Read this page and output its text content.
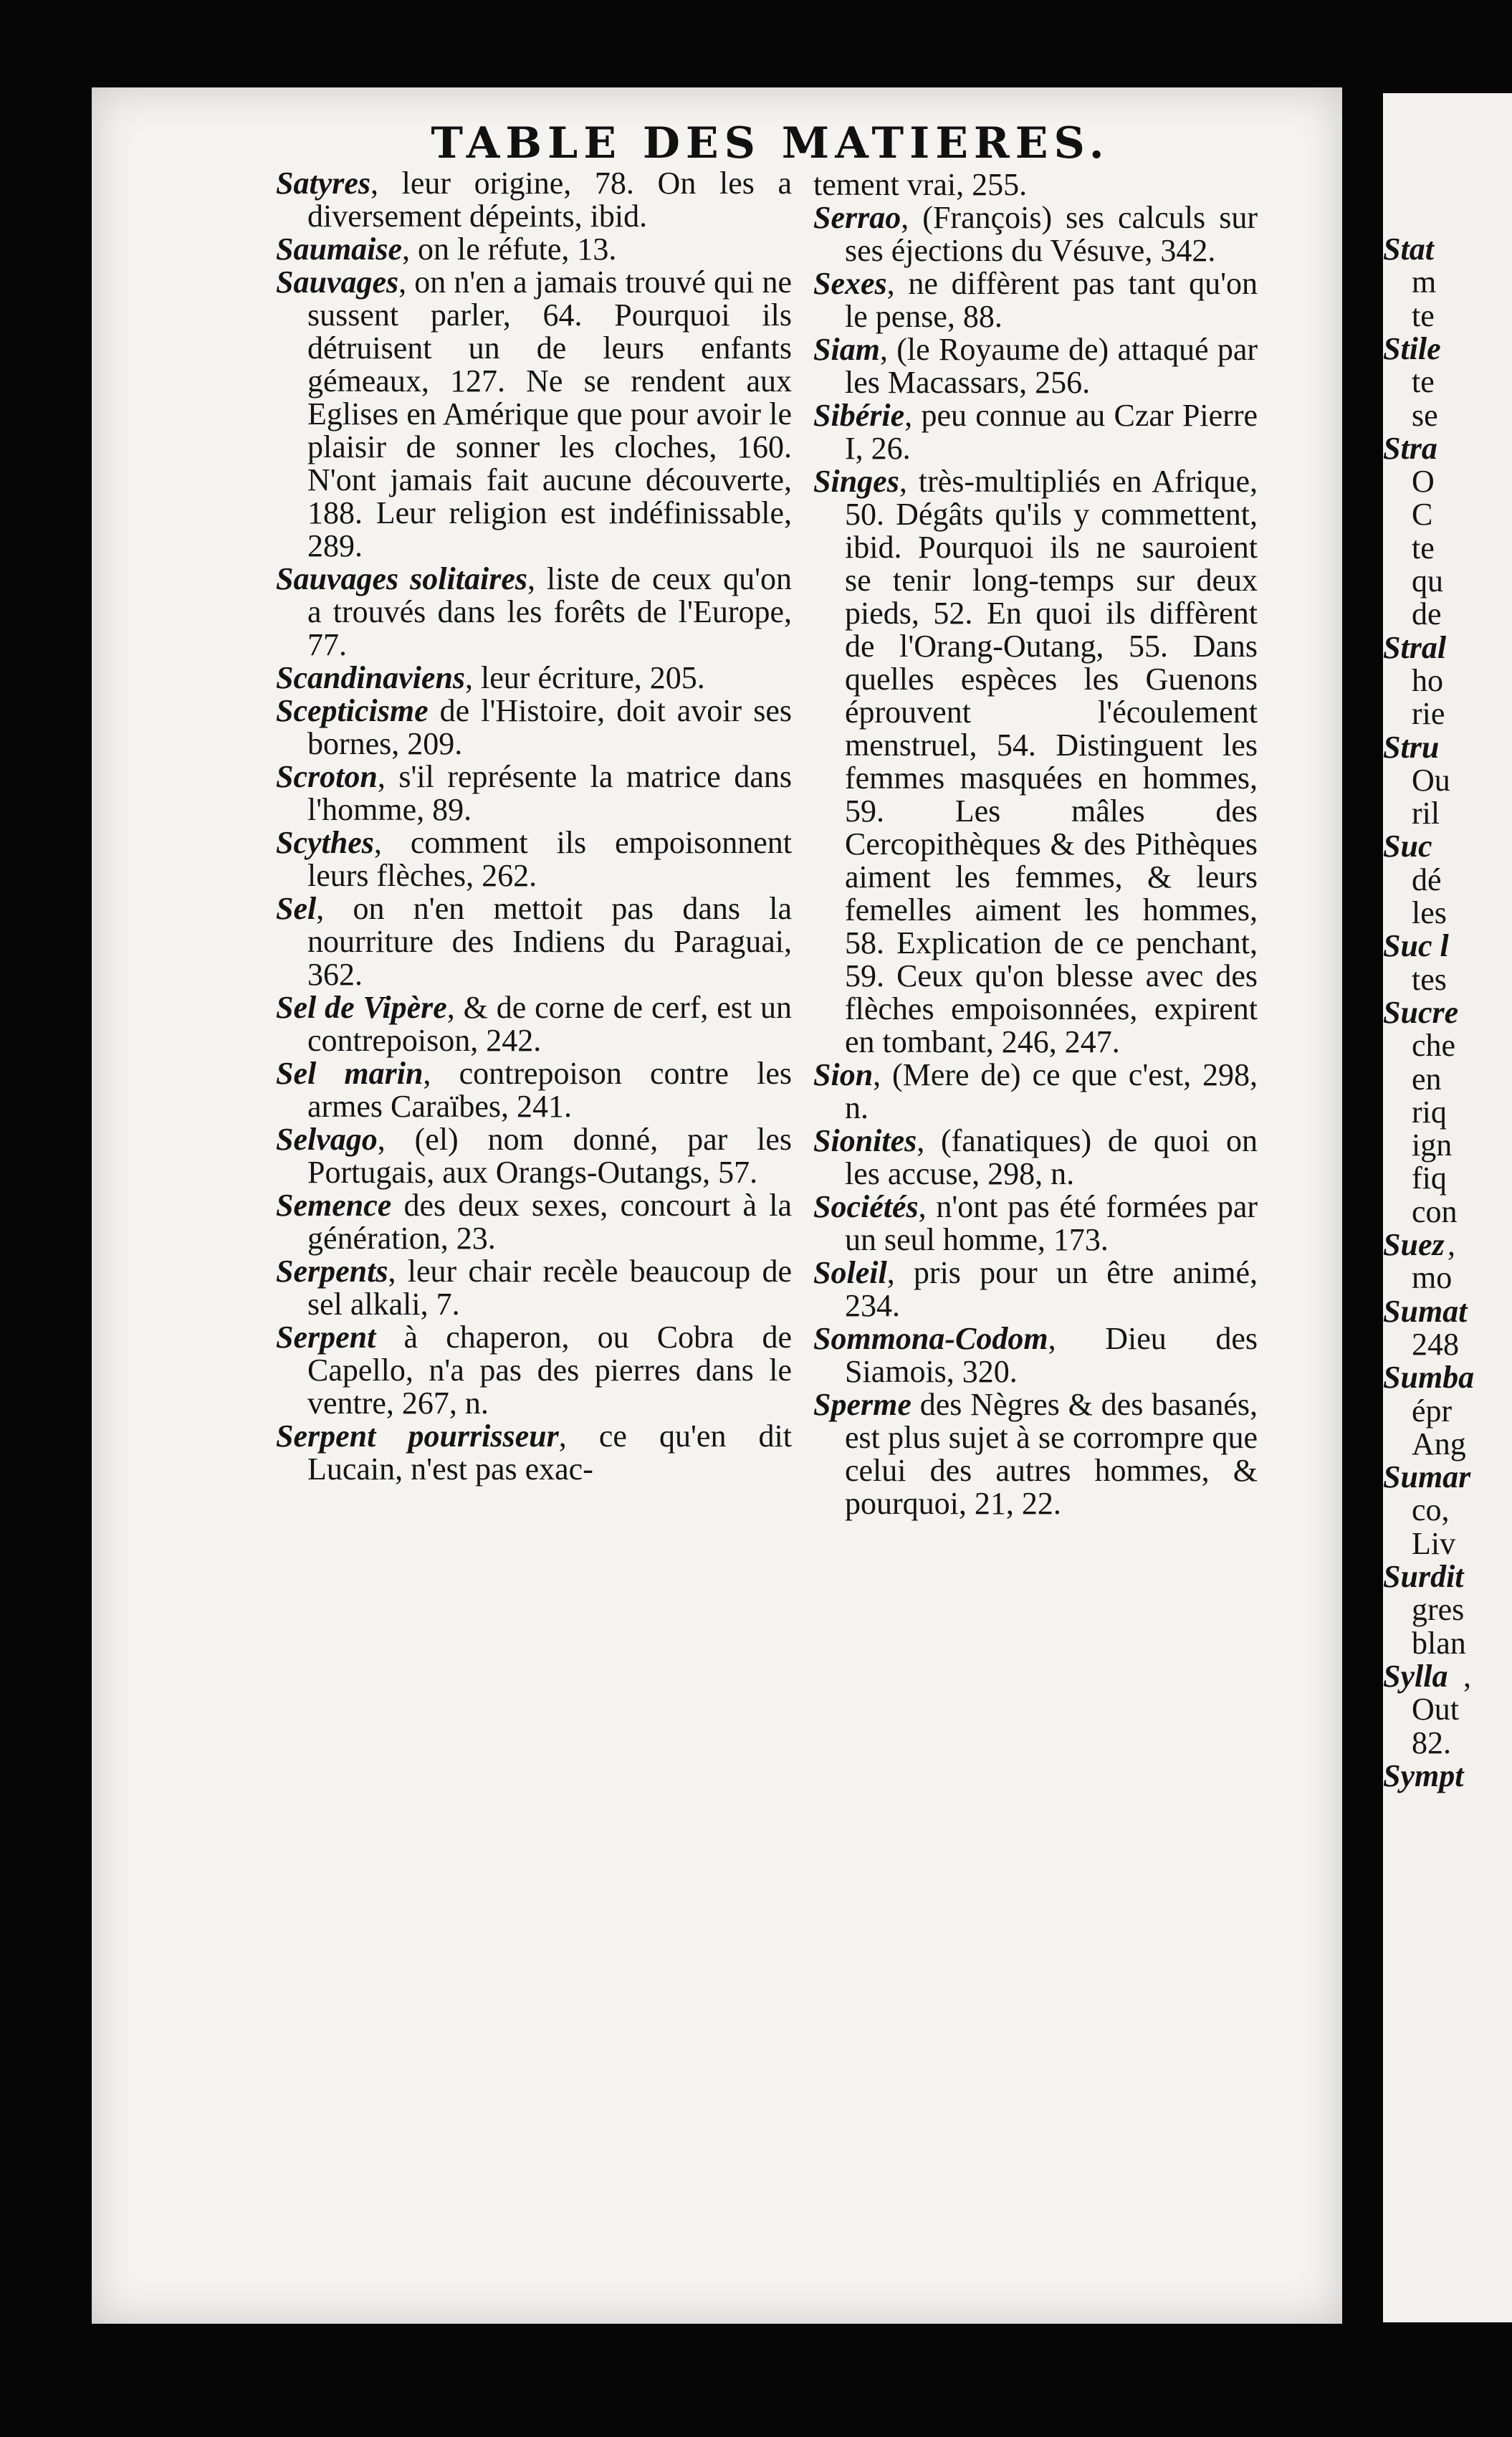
Stat
m
te
Stile
te
se
Stra
O
C
te
qu
de
Stral
ho
rie
Stru
Ou
ril
Suc
dé
les
Suc l
tes
Sucre
che
en
riq
ign
fiq
con
Suez ,
mo
Sumat
248
Sumba
épr
Ang
Sumar
co,
Liv
Surdit
gres
blan
Sylla ,
Out
82.
Sympt
TABLE DES MATIERES.

Satyres, leur origine, 78. On les a diversement dépeints, ibid.

Saumaise, on le réfute, 13.

Sauvages, on n'en a jamais trouvé qui ne sussent parler, 64. Pourquoi ils détruisent un de leurs enfants gémeaux, 127. Ne se rendent aux Eglises en Amérique que pour avoir le plaisir de sonner les cloches, 160. N'ont jamais fait aucune découverte, 188. Leur religion est indéfinissable, 289.

Sauvages solitaires, liste de ceux qu'on a trouvés dans les forêts de l'Europe, 77.

Scandinaviens, leur écriture, 205.

Scepticisme de l'Histoire, doit avoir ses bornes, 209.

Scroton, s'il représente la matrice dans l'homme, 89.

Scythes, comment ils empoisonnent leurs flèches, 262.

Sel, on n'en mettoit pas dans la nourriture des Indiens du Paraguai, 362.

Sel de Vipère, & de corne de cerf, est un contrepoison, 242.

Sel marin, contrepoison contre les armes Caraïbes, 241.

Selvago, (el) nom donné, par les Portugais, aux Orangs-Outangs, 57.

Semence des deux sexes, concourt à la génération, 23.

Serpents, leur chair recèle beaucoup de sel alkali, 7.

Serpent à chaperon, ou Cobra de Capello, n'a pas des pierres dans le ventre, 267, n.

Serpent pourrisseur, ce qu'en dit Lucain, n'est pas exac-

tement vrai, 255.

Serrao, (François) ses calculs sur ses éjections du Vésuve, 342.

Sexes, ne diffèrent pas tant qu'on le pense, 88.

Siam, (le Royaume de) attaqué par les Macassars, 256.

Sibérie, peu connue au Czar Pierre I, 26.

Singes, très-multipliés en Afrique, 50. Dégâts qu'ils y commettent, ibid. Pourquoi ils ne sauroient se tenir long-temps sur deux pieds, 52. En quoi ils diffèrent de l'Orang-Outang, 55. Dans quelles espèces les Guenons éprouvent l'écoulement menstruel, 54. Distinguent les femmes masquées en hommes, 59. Les mâles des Cercopithèques & des Pithèques aiment les femmes, & leurs femelles aiment les hommes, 58. Explication de ce penchant, 59. Ceux qu'on blesse avec des flèches empoisonnées, expirent en tombant, 246, 247.

Sion, (Mere de) ce que c'est, 298, n.

Sionites, (fanatiques) de quoi on les accuse, 298, n.

Sociétés, n'ont pas été formées par un seul homme, 173.

Soleil, pris pour un être animé, 234.

Sommona-Codom, Dieu des Siamois, 320.

Sperme des Nègres & des basanés, est plus sujet à se corrompre que celui des autres hommes, & pourquoi, 21, 22.
